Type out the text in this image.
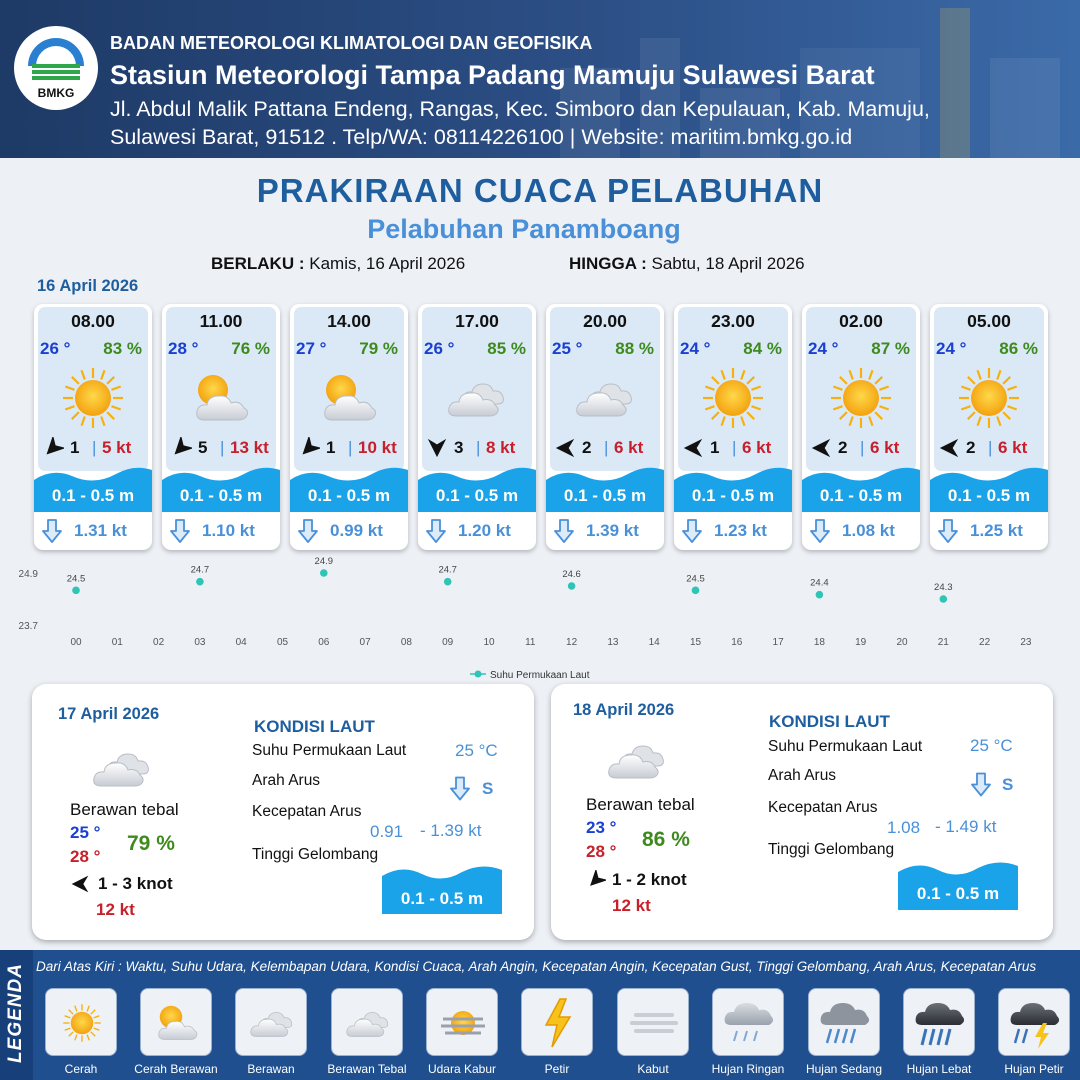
BMKG
BADAN METEOROLOGI KLIMATOLOGI DAN GEOFISIKA
Stasiun Meteorologi Tampa Padang Mamuju Sulawesi Barat
Jl. Abdul Malik Pattana Endeng, Rangas, Kec. Simboro dan Kepulauan, Kab. Mamuju,
Sulawesi Barat, 91512 . Telp/WA: 08114226100 | Website: maritim.bmkg.go.id
PRAKIRAAN CUACA PELABUHAN
Pelabuhan Panamboang
BERLAKU : Kamis, 16 April 2026	HINGGA : Sabtu, 18 April 2026
16 April 2026
08.00
26 ° 83 %
1 | 5 kt
0.1 - 0.5 m
1.31 kt
11.00
28 ° 76 %
5 | 13 kt
0.1 - 0.5 m
1.10 kt
14.00
27 ° 79 %
1 | 10 kt
0.1 - 0.5 m
0.99 kt
17.00
26 ° 85 %
3 | 8 kt
0.1 - 0.5 m
1.20 kt
20.00
25 ° 88 %
2 | 6 kt
0.1 - 0.5 m
1.39 kt
23.00
24 ° 84 %
1 | 6 kt
0.1 - 0.5 m
1.23 kt
02.00
24 ° 87 %
2 | 6 kt
0.1 - 0.5 m
1.08 kt
05.00
24 ° 86 %
2 | 6 kt
0.1 - 0.5 m
1.25 kt
24.9
23.7
00	01	02	03	04	05	06	07	08	09	10	11	12	13	14	15	16	17	18	19	20	21	22	23
24.5
24.7
24.9
24.7	24.6	24.5	24.4	24.3
Suhu Permukaan Laut
17 April 2026
Berawan tebal
25 °
28 °
79 %
1 - 3 knot
12 kt
KONDISI LAUT
Suhu Permukaan Laut	25 °C
Arah Arus	S
Kecepatan Arus
0.91 - 1.39 kt
Tinggi Gelombang
0.1 - 0.5 m
18 April 2026
Berawan tebal
23 °
28 °
86 %
1 - 2 knot
12 kt
KONDISI LAUT
Suhu Permukaan Laut	25 °C
Arah Arus	S
Kecepatan Arus
1.08 - 1.49 kt
Tinggi Gelombang
0.1 - 0.5 m
LEGENDA Dari Atas Kiri : Waktu, Suhu Udara, Kelembapan Udara, Kondisi Cuaca, Arah Angin, Kecepatan Angin, Kecepatan Gust, Tinggi Gelombang, Arah Arus, Kecepatan Arus
Cerah	Cerah Berawan	Berawan	Berawan Tebal	Udara Kabur	Petir	Kabut	Hujan Ringan	Hujan Sedang	Hujan Lebat	Hujan Petir
